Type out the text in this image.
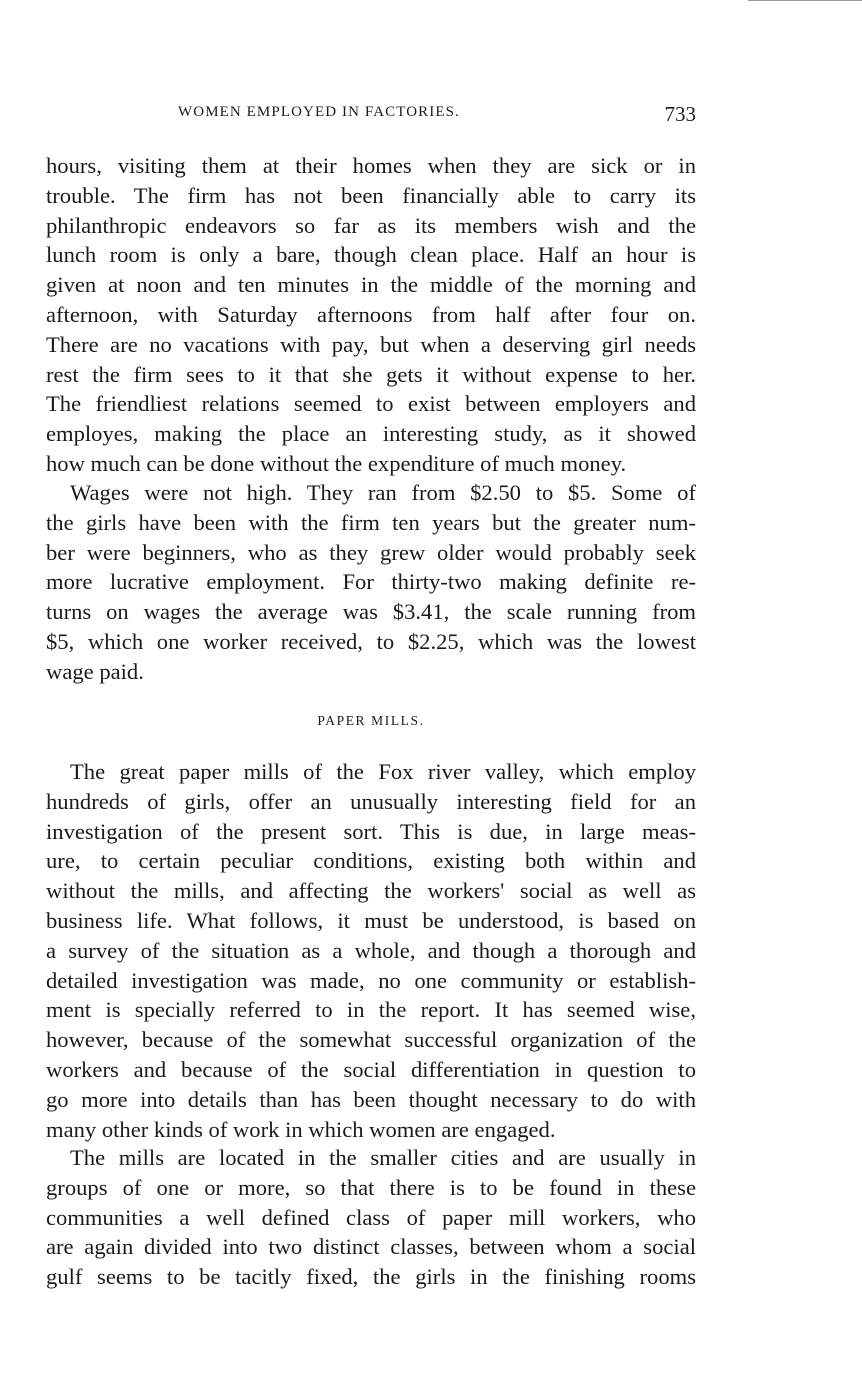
WOMEN EMPLOYED IN FACTORIES.	733
hours, visiting them at their homes when they are sick or in
trouble. The firm has not been financially able to carry its
philanthropic endeavors so far as its members wish and the
lunch room is only a bare, though clean place. Half an hour is
given at noon and ten minutes in the middle of the morning and
afternoon, with Saturday afternoons from half after four on.
There are no vacations with pay, but when a deserving girl needs
rest the firm sees to it that she gets it without expense to her.
The friendliest relations seemed to exist between employers and
employes, making the place an interesting study, as it showed
how much can be done without the expenditure of much money.
Wages were not high. They ran from $2.50 to $5. Some of
the girls have been with the firm ten years but the greater num-
ber were beginners, who as they grew older would probably seek
more lucrative employment. For thirty-two making definite re-
turns on wages the average was $3.41, the scale running from
$5, which one worker received, to $2.25, which was the lowest
wage paid.
PAPER MILLS.
The great paper mills of the Fox river valley, which employ
hundreds of girls, offer an unusually interesting field for an
investigation of the present sort. This is due, in large meas-
ure, to certain peculiar conditions, existing both within and
without the mills, and affecting the workers' social as well as
business life. What follows, it must be understood, is based on
a survey of the situation as a whole, and though a thorough and
detailed investigation was made, no one community or establish-
ment is specially referred to in the report. It has seemed wise,
however, because of the somewhat successful organization of the
workers and because of the social differentiation in question to
go more into details than has been thought necessary to do with
many other kinds of work in which women are engaged.
The mills are located in the smaller cities and are usually in
groups of one or more, so that there is to be found in these
communities a well defined class of paper mill workers, who
are again divided into two distinct classes, between whom a social
gulf seems to be tacitly fixed, the girls in the finishing rooms
